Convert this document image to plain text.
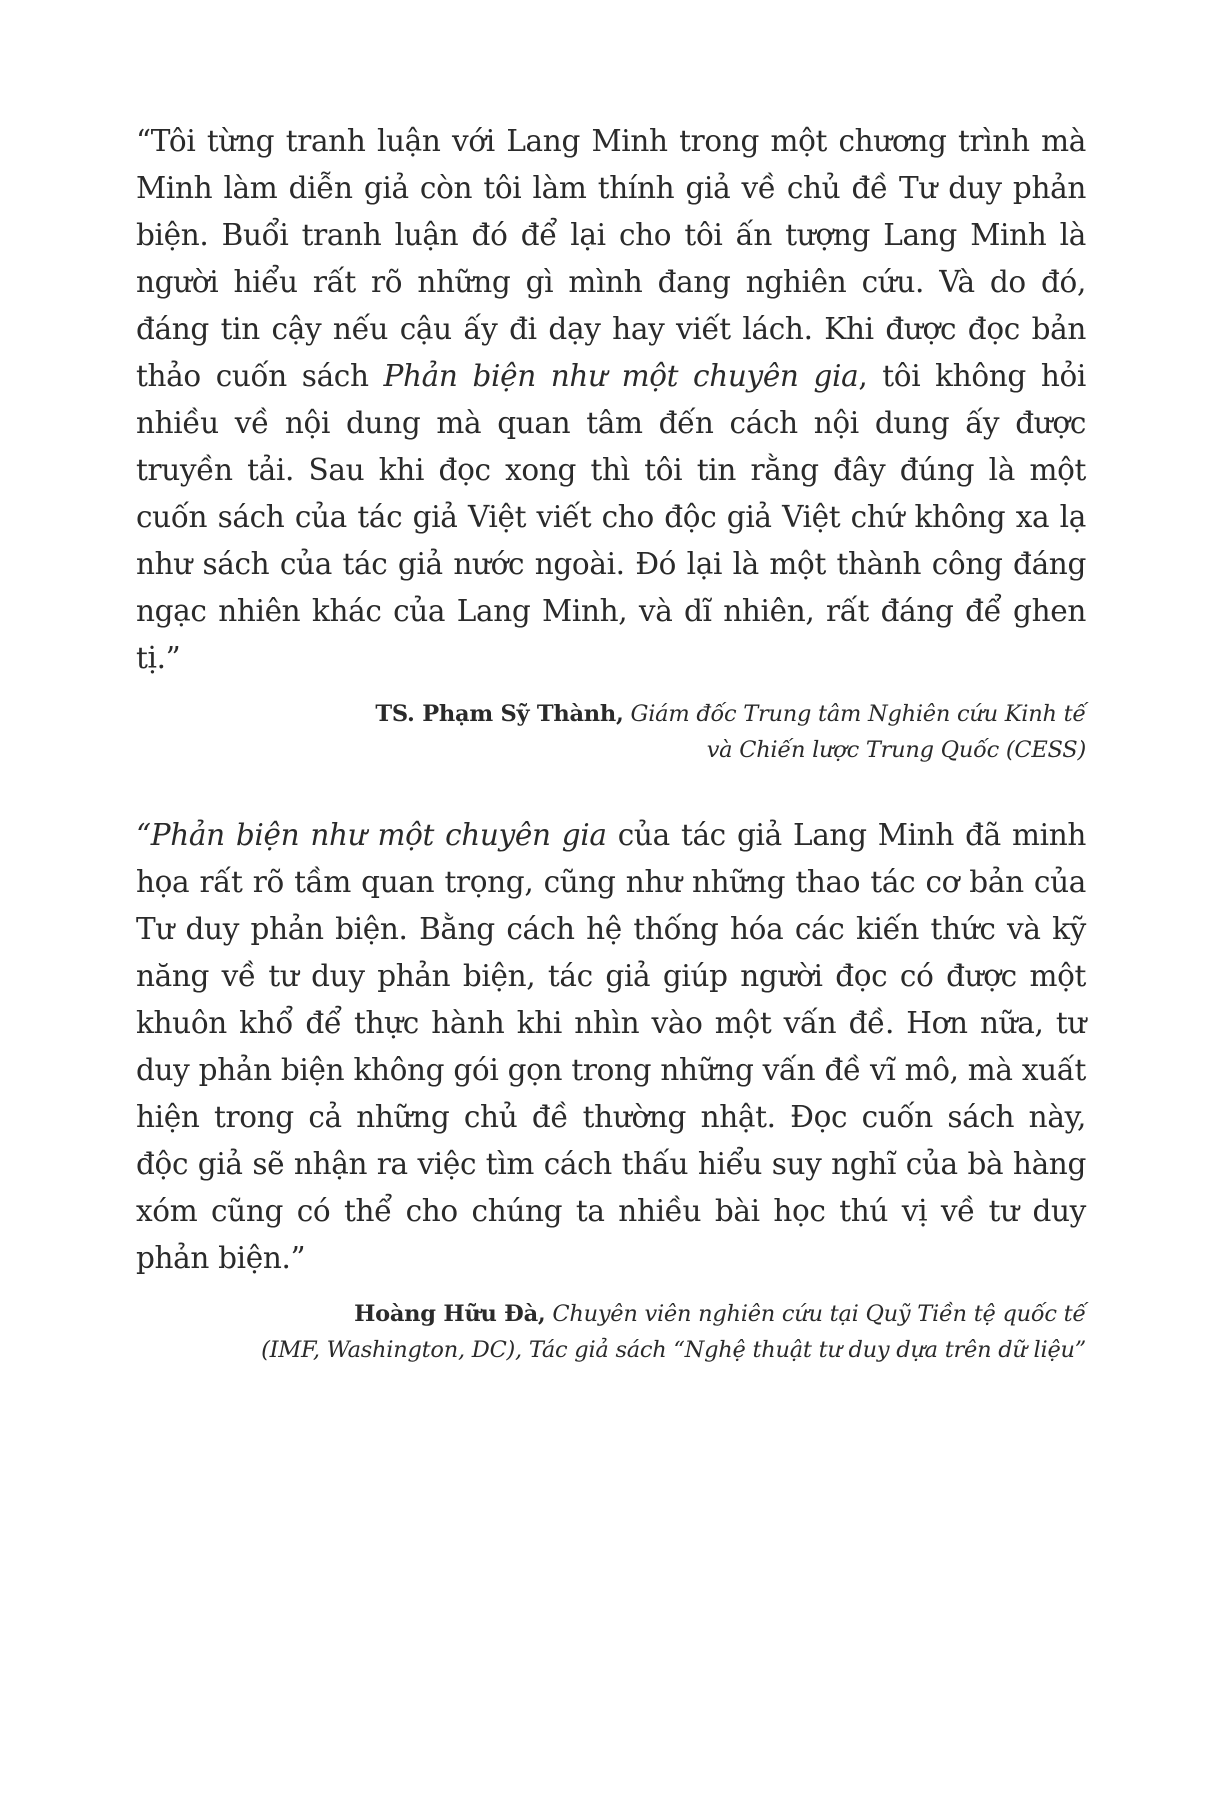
“Tôi từng tranh luận với Lang Minh trong một chương trình mà Minh làm diễn giả còn tôi làm thính giả về chủ đề Tư duy phản biện. Buổi tranh luận đó để lại cho tôi ấn tượng Lang Minh là người hiểu rất rõ những gì mình đang nghiên cứu. Và do đó, đáng tin cậy nếu cậu ấy đi dạy hay viết lách. Khi được đọc bản thảo cuốn sách Phản biện như một chuyên gia, tôi không hỏi nhiều về nội dung mà quan tâm đến cách nội dung ấy được truyền tải. Sau khi đọc xong thì tôi tin rằng đây đúng là một cuốn sách của tác giả Việt viết cho độc giả Việt chứ không xa lạ như sách của tác giả nước ngoài. Đó lại là một thành công đáng ngạc nhiên khác của Lang Minh, và dĩ nhiên, rất đáng để ghen tị.”

TS. Phạm Sỹ Thành, Giám đốc Trung tâm Nghiên cứu Kinh tế
và Chiến lược Trung Quốc (CESS)

“Phản biện như một chuyên gia của tác giả Lang Minh đã minh họa rất rõ tầm quan trọng, cũng như những thao tác cơ bản của Tư duy phản biện. Bằng cách hệ thống hóa các kiến thức và kỹ năng về tư duy phản biện, tác giả giúp người đọc có được một khuôn khổ để thực hành khi nhìn vào một vấn đề. Hơn nữa, tư duy phản biện không gói gọn trong những vấn đề vĩ mô, mà xuất hiện trong cả những chủ đề thường nhật. Đọc cuốn sách này, độc giả sẽ nhận ra việc tìm cách thấu hiểu suy nghĩ của bà hàng xóm cũng có thể cho chúng ta nhiều bài học thú vị về tư duy phản biện.”

Hoàng Hữu Đà, Chuyên viên nghiên cứu tại Quỹ Tiền tệ quốc tế
(IMF, Washington, DC), Tác giả sách “Nghệ thuật tư duy dựa trên dữ liệu”
